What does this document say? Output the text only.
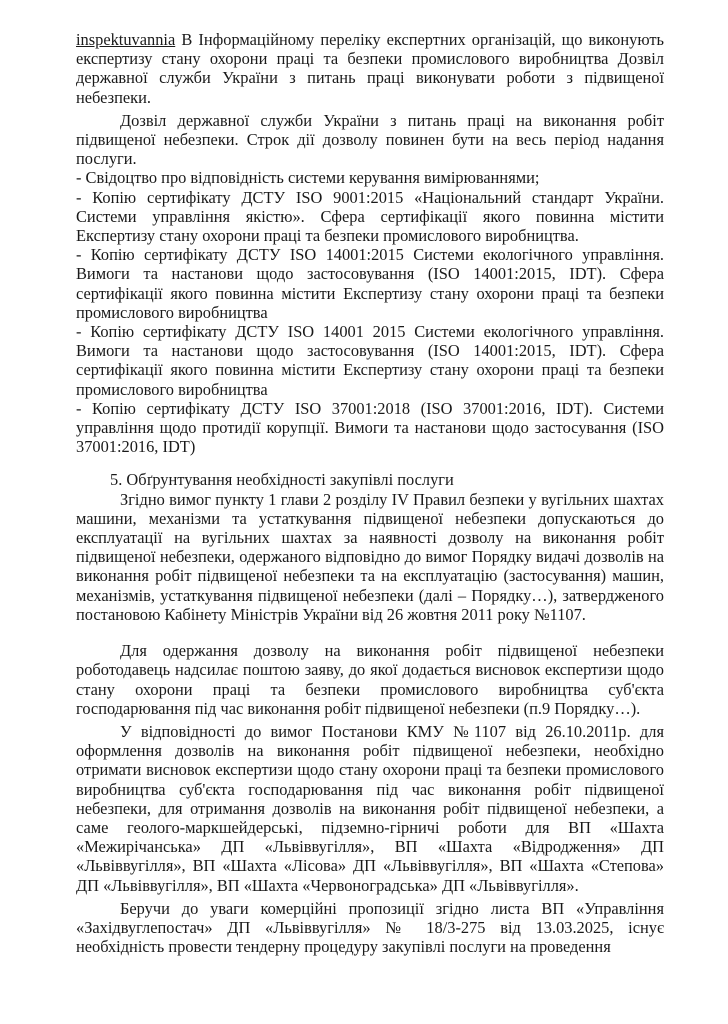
inspektuvannia В Інформаційному переліку експертних організацій, що виконують експертизу стану охорони праці та безпеки промислового виробництва Дозвіл державної служби України з питань праці виконувати роботи з підвищеної небезпеки.

Дозвіл державної служби України з питань праці на виконання робіт підвищеної небезпеки. Строк дії дозволу повинен бути на весь період надання послуги.

- Свідоцтво про відповідність системи керування вимірюваннями;

- Копію сертифікату ДСТУ ISO 9001:2015 «Національний стандарт України. Системи управління якістю». Сфера сертифікації якого повинна містити Експертизу стану охорони праці та безпеки промислового виробництва.

- Копію сертифікату ДСТУ ISO 14001:2015 Системи екологічного управління. Вимоги та настанови щодо застосовування (ISO 14001:2015, IDT). Сфера сертифікації якого повинна містити Експертизу стану охорони праці та безпеки промислового виробництва

- Копію сертифікату ДСТУ ISO 14001 2015 Системи екологічного управління. Вимоги та настанови щодо застосовування (ISO 14001:2015, IDT). Сфера сертифікації якого повинна містити Експертизу стану охорони праці та безпеки промислового виробництва

- Копію сертифікату ДСТУ ISO 37001:2018 (ISO 37001:2016, IDT). Системи управління щодо протидії корупції. Вимоги та настанови щодо застосування (ISO 37001:2016, IDT)

5. Обґрунтування необхідності закупівлі послуги

Згідно вимог пункту 1 глави 2 розділу IV Правил безпеки у вугільних шахтах машини, механізми та устаткування підвищеної небезпеки допускаються до експлуатації на вугільних шахтах за наявності дозволу на виконання робіт підвищеної небезпеки, одержаного відповідно до вимог Порядку видачі дозволів на виконання робіт підвищеної небезпеки та на експлуатацію (застосування) машин, механізмів, устаткування підвищеної небезпеки (далі – Порядку…), затвердженого постановою Кабінету Міністрів України від 26 жовтня 2011 року №1107.

Для одержання дозволу на виконання робіт підвищеної небезпеки роботодавець надсилає поштою заяву, до якої додається висновок експертизи щодо стану охорони праці та безпеки промислового виробництва суб'єкта господарювання під час виконання робіт підвищеної небезпеки (п.9 Порядку…).

У відповідності до вимог Постанови КМУ №1107 від 26.10.2011р. для оформлення дозволів на виконання робіт підвищеної небезпеки, необхідно отримати висновок експертизи щодо стану охорони праці та безпеки промислового виробництва суб'єкта господарювання під час виконання робіт підвищеної небезпеки, для отримання дозволів на виконання робіт підвищеної небезпеки, а саме геолого-маркшейдерські, підземно-гірничі роботи для ВП «Шахта «Межирічанська» ДП «Львіввугілля», ВП «Шахта «Відродження» ДП «Львіввугілля», ВП «Шахта «Лісова» ДП «Львіввугілля», ВП «Шахта «Степова» ДП «Львіввугілля», ВП «Шахта «Червоноградська» ДП «Львіввугілля».

Беручи до уваги комерційні пропозиції згідно листа ВП «Управління «Західвуглепостач» ДП «Львіввугілля» № 18/3-275 від 13.03.2025, існує необхідність провести тендерну процедуру закупівлі послуги на проведення
